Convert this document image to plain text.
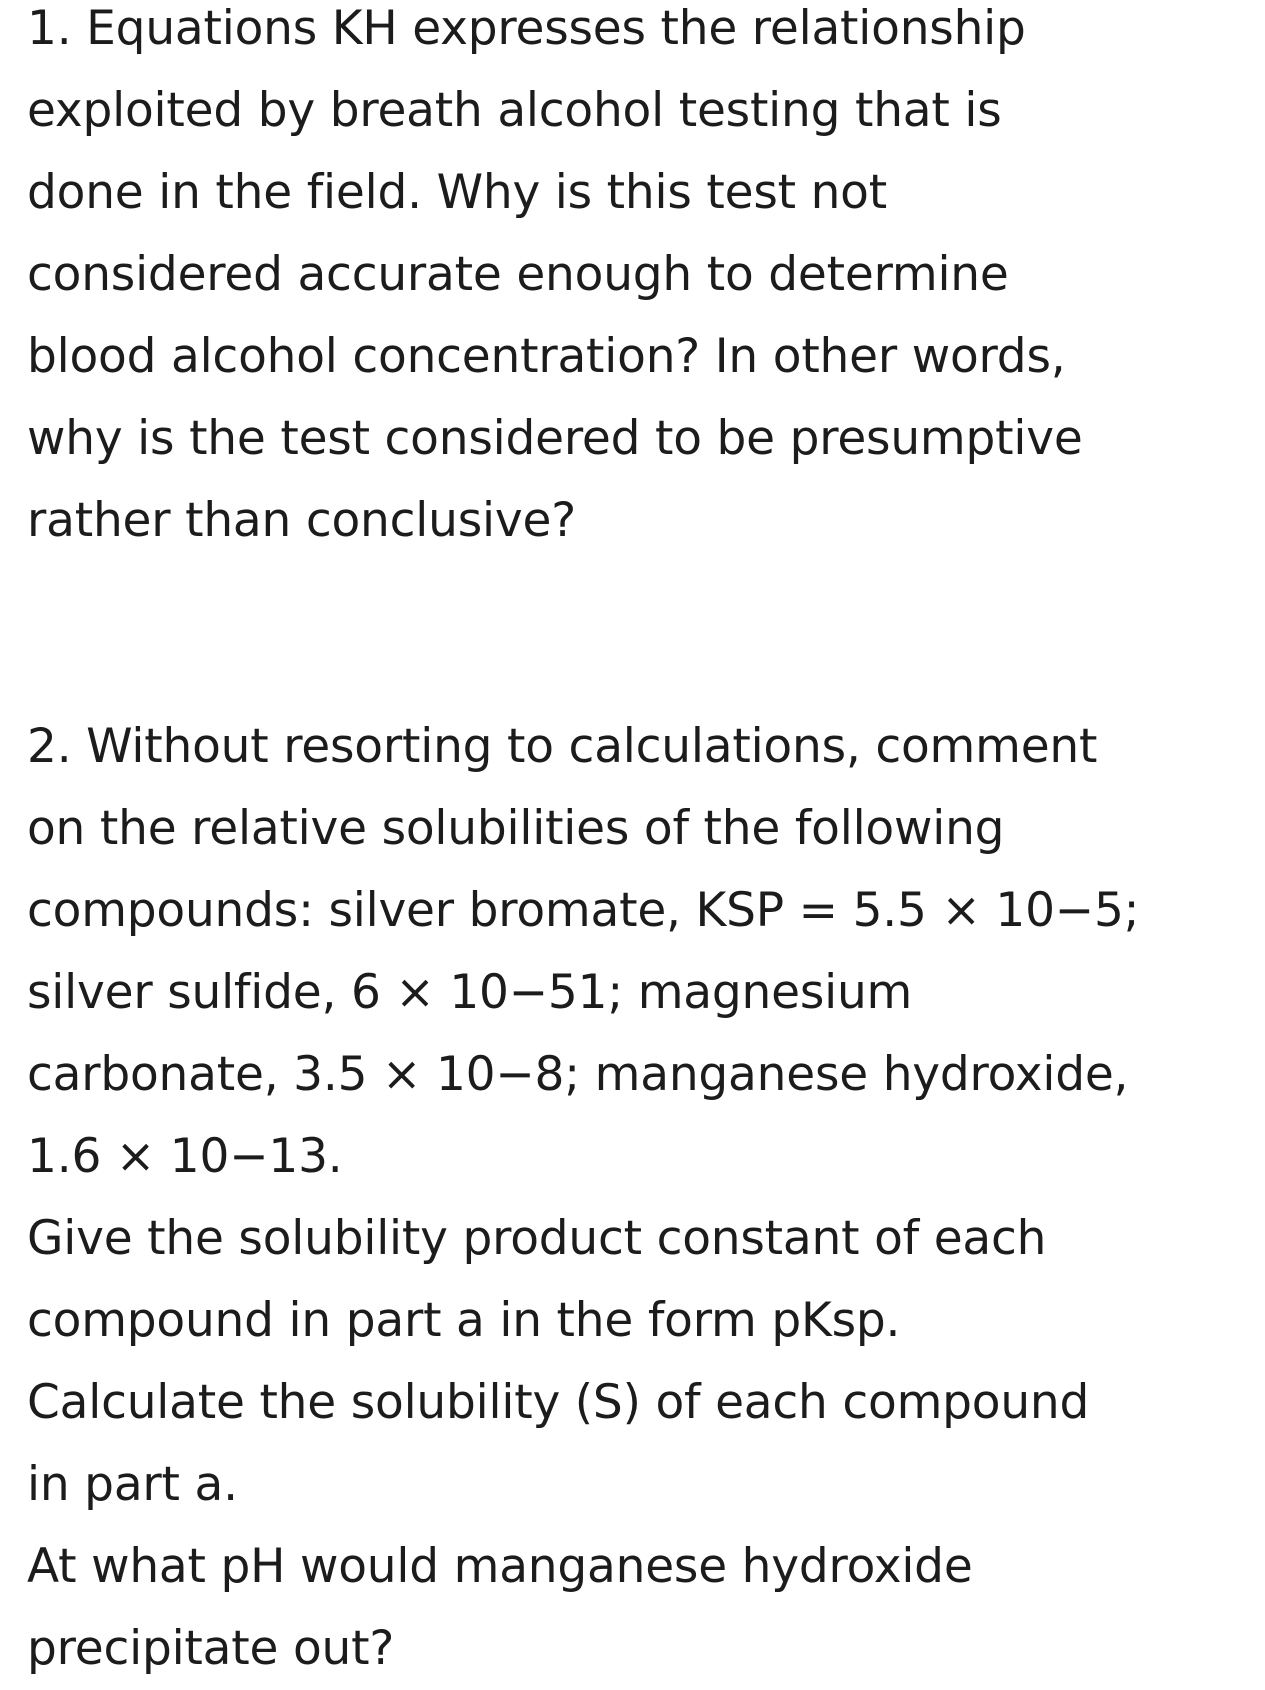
1. Equations KH expresses the relationship
exploited by breath alcohol testing that is
done in the field. Why is this test not
considered accurate enough to determine
blood alcohol concentration? In other words,
why is the test considered to be presumptive
rather than conclusive?
2. Without resorting to calculations, comment
on the relative solubilities of the following
compounds: silver bromate, KSP = 5.5 × 10−5;
silver sulfide, 6 × 10−51; magnesium
carbonate, 3.5 × 10−8; manganese hydroxide,
1.6 × 10−13.
Give the solubility product constant of each
compound in part a in the form pKsp.
Calculate the solubility (S) of each compound
in part a.
At what pH would manganese hydroxide
precipitate out?
